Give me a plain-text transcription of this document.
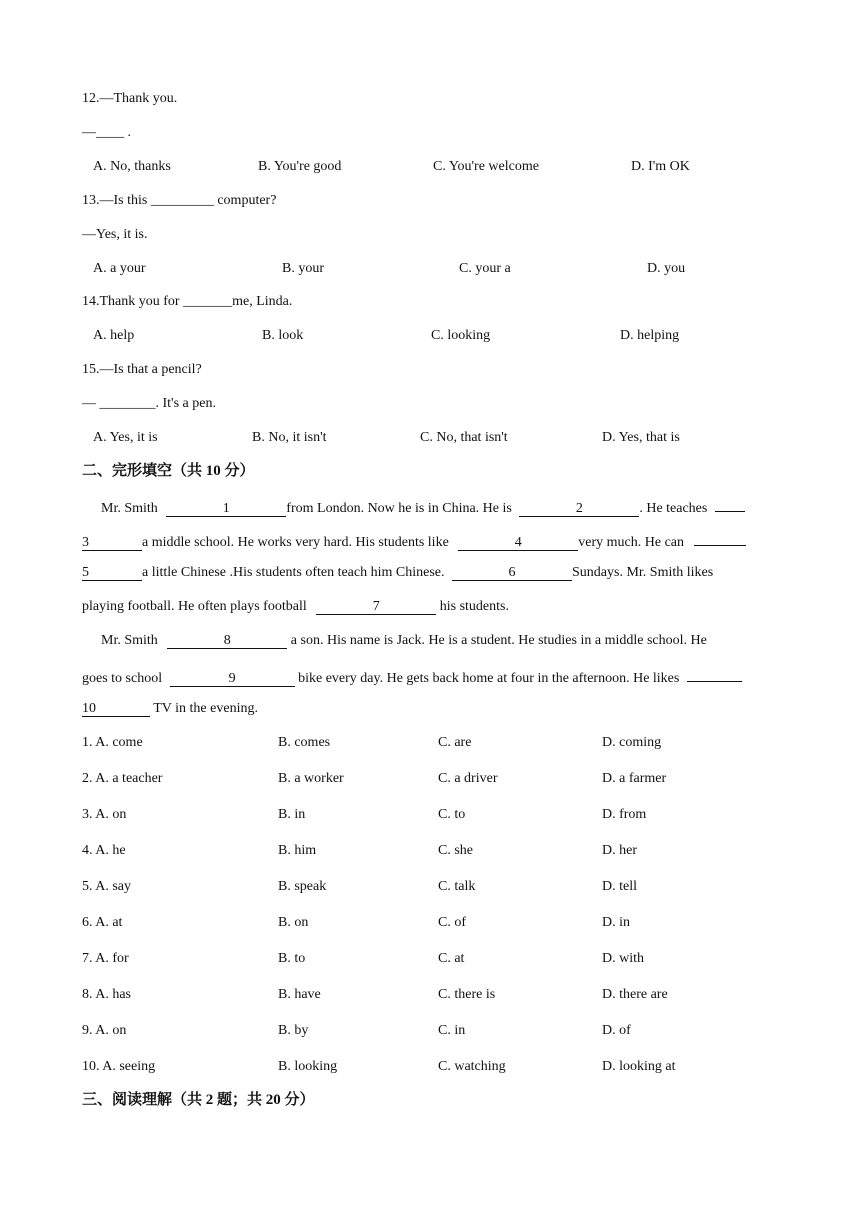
12.—Thank you.
—____ .
A. No, thanks	B. You're good	C. You're welcome	D. I'm OK
13.—Is this _________ computer?
—Yes, it is.
A. a your	B. your	C. your a	D. you
14.Thank you for _______me, Linda.
A. help	B. look	C. looking	D. helping
15.—Is that a pencil?
— ________. It's a pen.
A. Yes, it is	B. No, it isn't	C. No, that isn't	D. Yes, that is
二、完形填空（共 10 分）
Mr. Smith	1	from London. Now he is in China. He is	2	. He teaches
3	a middle school. He works very hard. His students like	4	very much. He can
5	a little Chinese .His students often teach him Chinese.	6	Sundays. Mr. Smith likes
playing football. He often plays football	7	his students.
Mr. Smith	8	a son. His name is Jack. He is a student. He studies in a middle school. He
goes to school	9	bike every day. He gets back home at four in the afternoon. He likes
10	TV in the evening.
1. A. come	B. comes	C. are	D. coming
2. A. a teacher	B. a worker	C. a driver	D. a farmer
3. A. on	B. in	C. to	D. from
4. A. he	B. him	C. she	D. her
5. A. say	B. speak	C. talk	D. tell
6. A. at	B. on	C. of	D. in
7. A. for	B. to	C. at	D. with
8. A. has	B. have	C. there is	D. there are
9. A. on	B. by	C. in	D. of
10. A. seeing	B. looking	C. watching	D. looking at
三、阅读理解（共 2 题；共 20 分）
